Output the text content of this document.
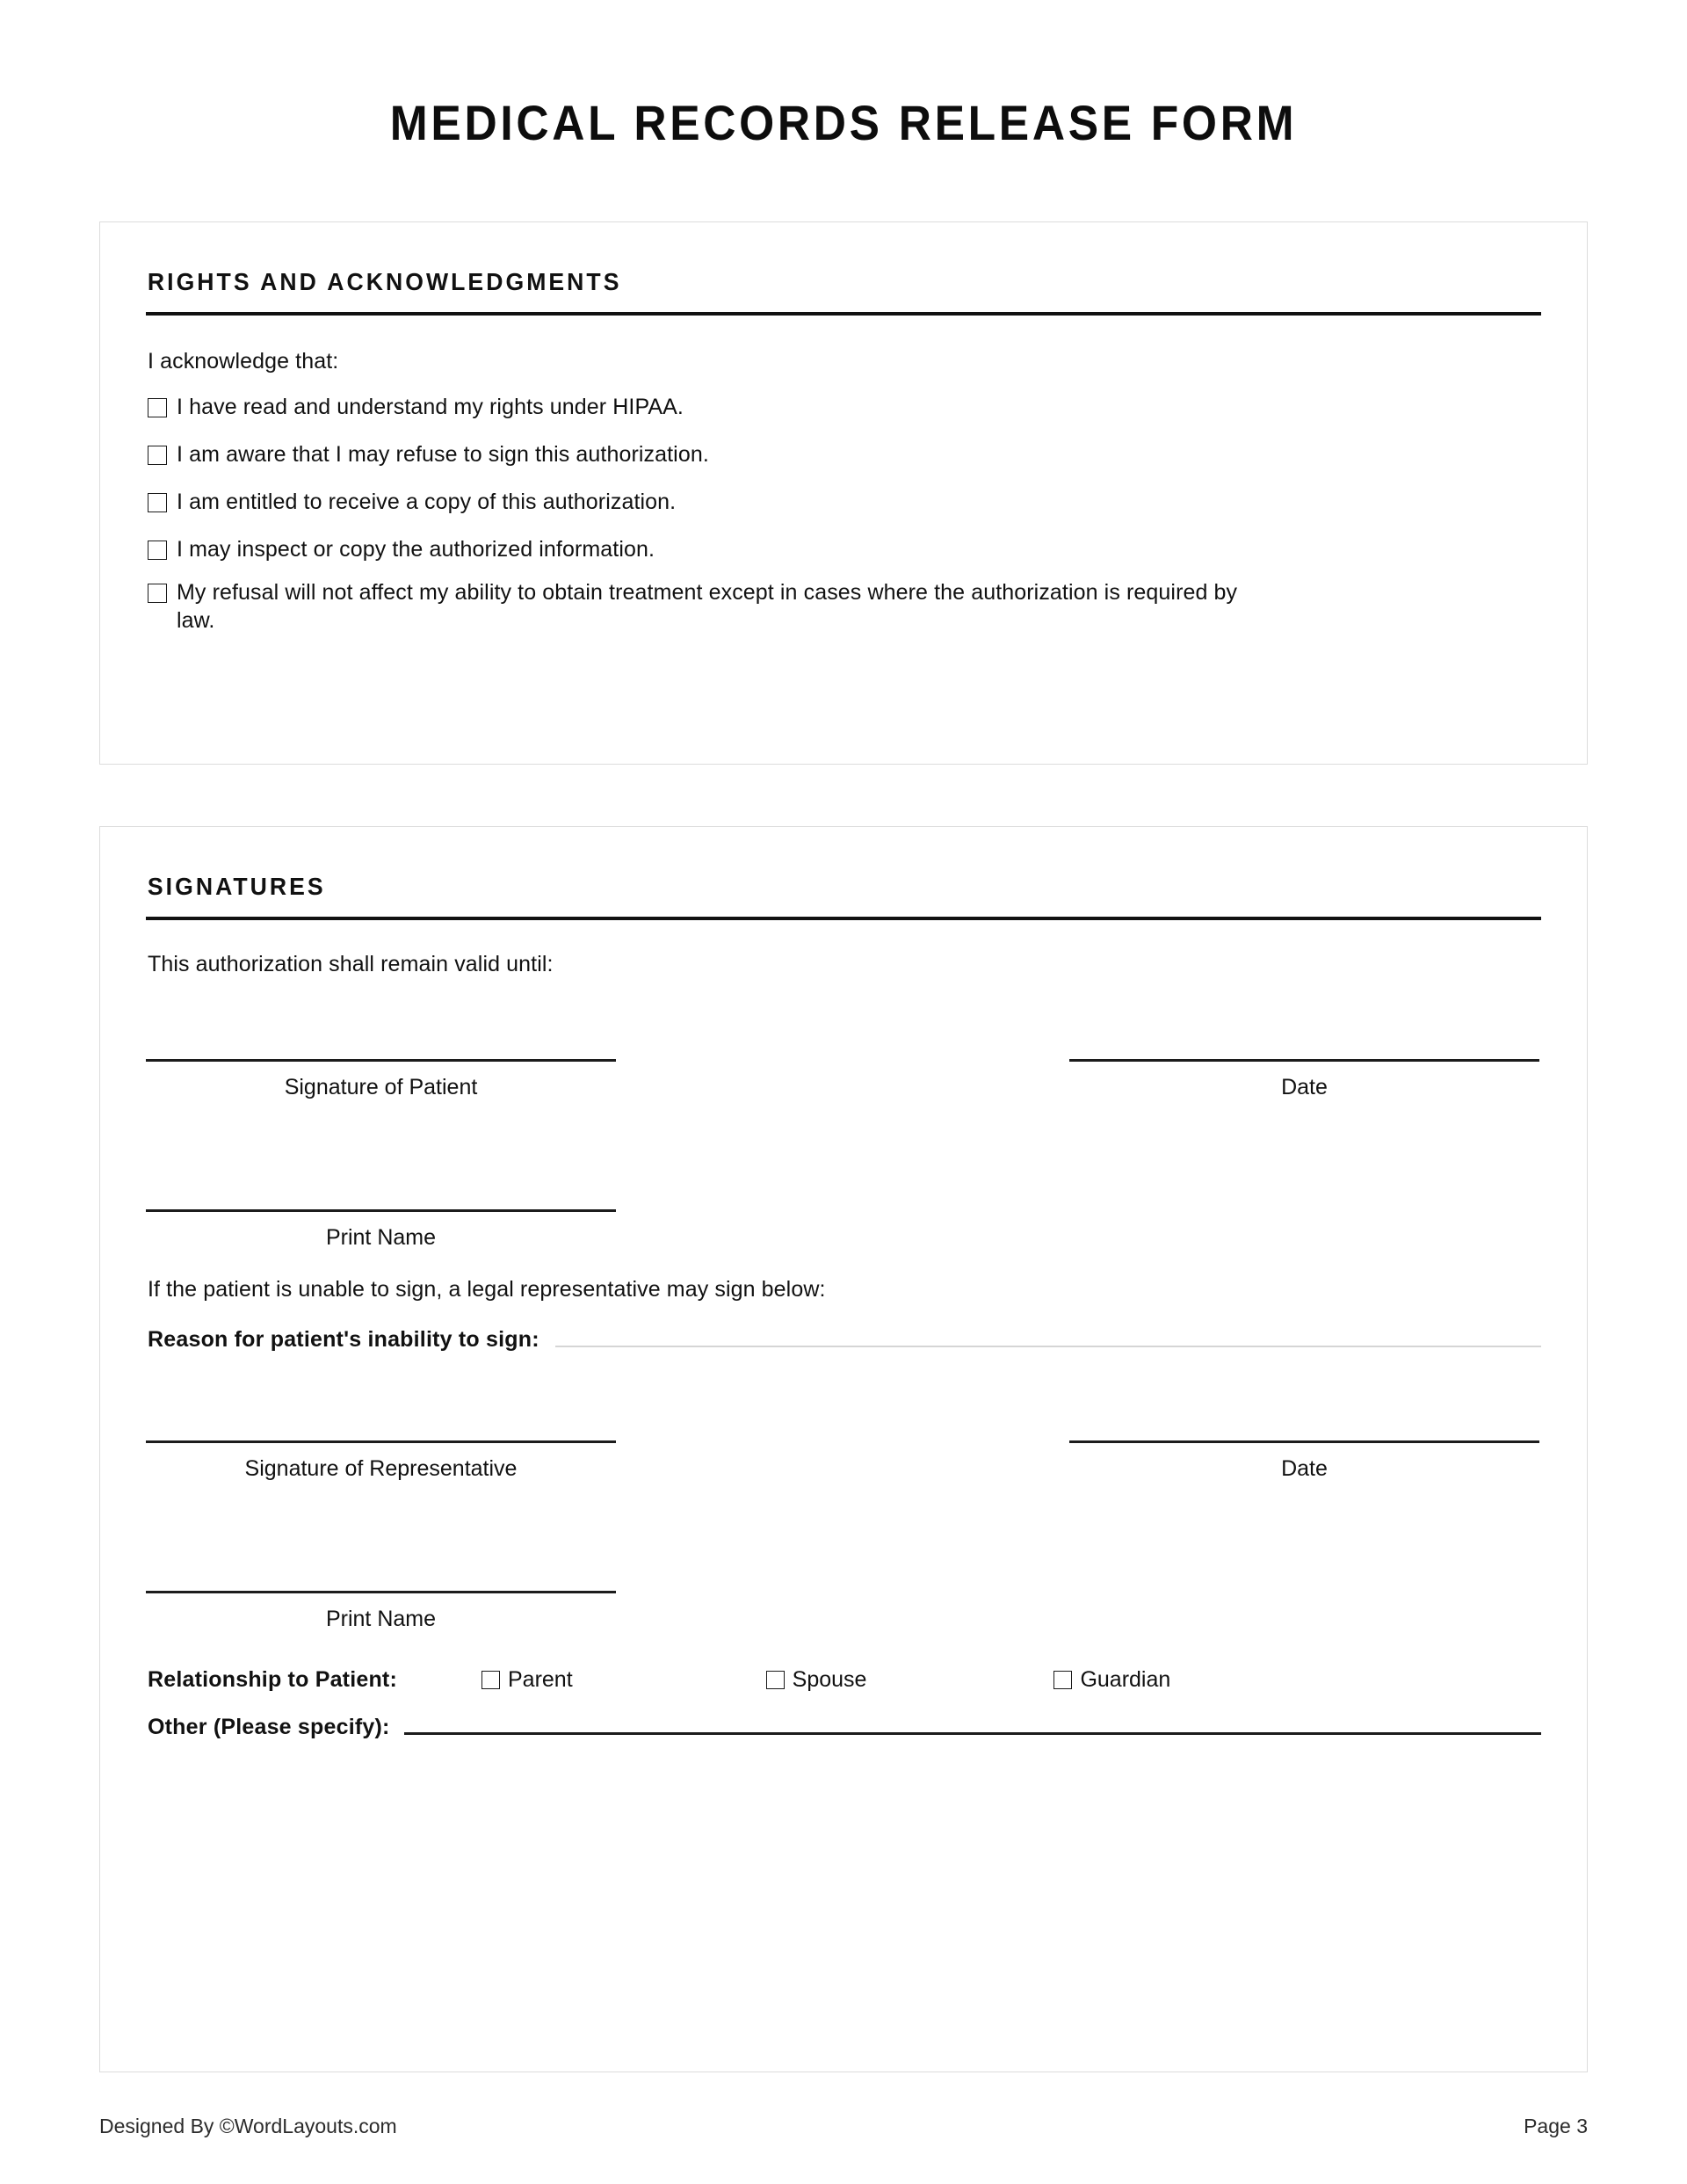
MEDICAL RECORDS RELEASE FORM
RIGHTS AND ACKNOWLEDGMENTS
I acknowledge that:
I have read and understand my rights under HIPAA.
I am aware that I may refuse to sign this authorization.
I am entitled to receive a copy of this authorization.
I may inspect or copy the authorized information.
My refusal will not affect my ability to obtain treatment except in cases where the authorization is required by law.
SIGNATURES
This authorization shall remain valid until:
Signature of Patient	Date
Print Name
If the patient is unable to sign, a legal representative may sign below:
Reason for patient's inability to sign:
Signature of Representative	Date
Print Name
Relationship to Patient:	Parent	Spouse	Guardian
Other (Please specify):
Designed By ©WordLayouts.com	Page 3
